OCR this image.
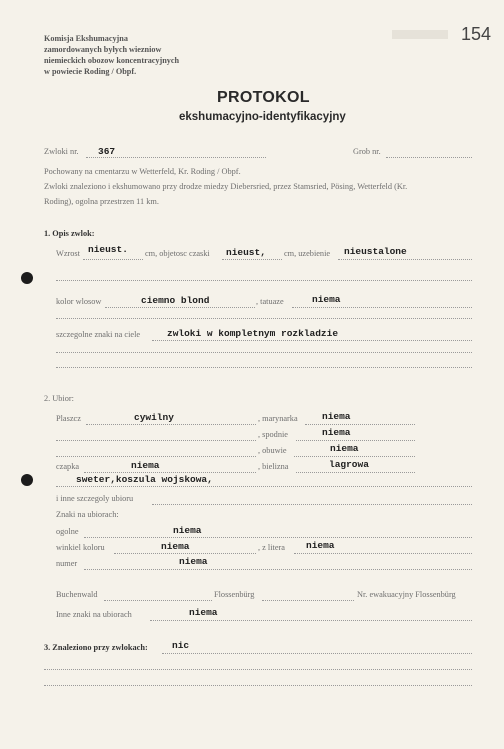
Komisja Ekshumacyjna
zamordowanych byłych wiezniow
niemieckich obozow koncentracyjnych
w powiecie Roding / Obpf.
154
PROTOKOL
ekshumacyjno-identyfikacyjny
Zwloki nr. 367	Grob nr.
Pochowany na cmentarzu w Wetterfeld, Kr. Roding / Obpf.
Zwloki znaleziono i ekshumowano przy drodze miedzy Diebersried, przez Stamsried, Pösing, Wetterfeld (Kr.
Roding), ogolna przestrzen 11 km.
1. Opis zwlok:
Wzrost nieust. cm, objetosc czaski nieust, cm, uzebienie nieustalone
kolor wlosow	ciemno blond	, tatuaze	niema
szczegolne znaki na ciele	zwloki w kompletnym rozkladzie
2. Ubior:
Plaszcz	cywilny	, marynarka	niema
, spodnie	niema
, obuwie	niema
czapka	niema	, bielizna	lagrowa
sweter,koszula wojskowa,
i inne szczegoly ubioru
Znaki na ubiorach:
ogolne	niema
winkiel koloru	niema	, z litera niema
numer	niema
Buchenwald	Flossenbürg	Nr. ewakuacyjny Flossenbürg
Inne znaki na ubiorach	niema
3. Znaleziono przy zwlokach:	nic
